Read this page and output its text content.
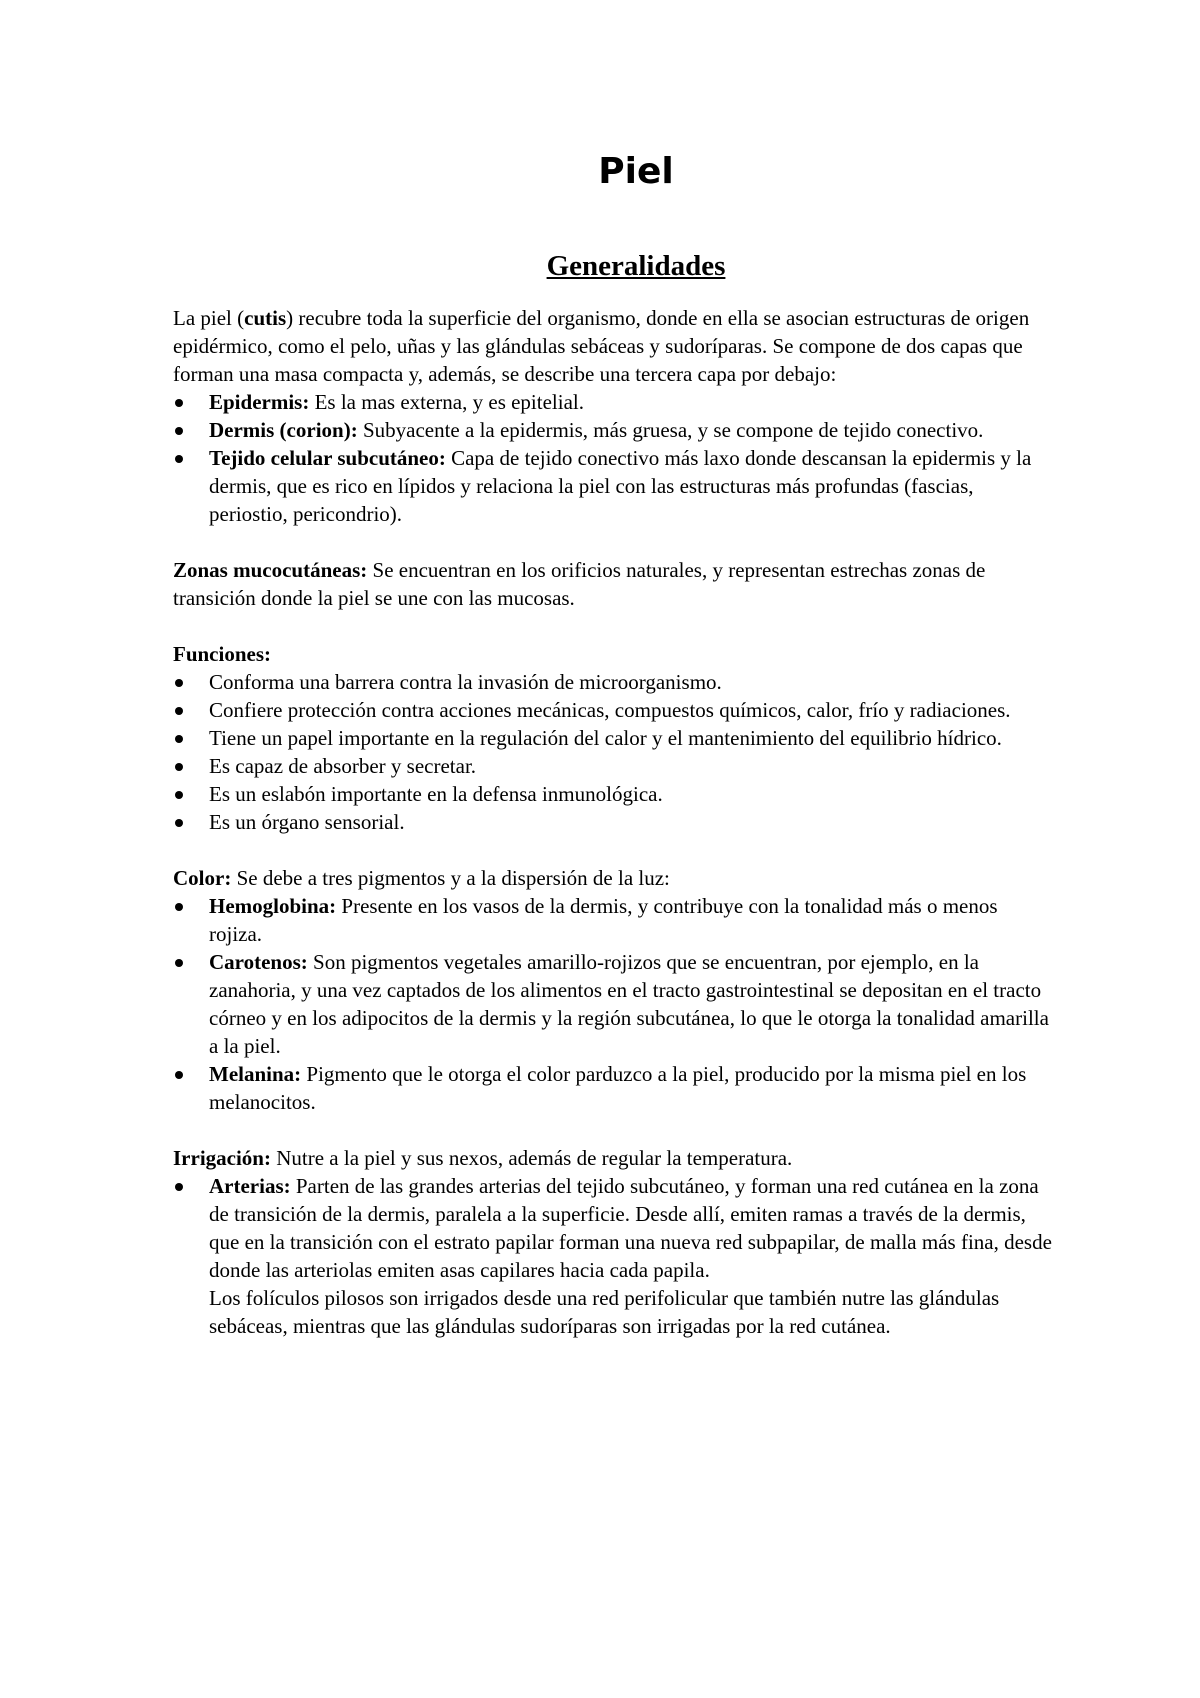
Piel
Generalidades

La piel (cutis) recubre toda la superficie del organismo, donde en ella se asocian estructuras de origen epidérmico, como el pelo, uñas y las glándulas sebáceas y sudoríparas. Se compone de dos capas que forman una masa compacta y, además, se describe una tercera capa por debajo:

Epidermis: Es la mas externa, y es epitelial.
Dermis (corion): Subyacente a la epidermis, más gruesa, y se compone de tejido conectivo.
Tejido celular subcutáneo: Capa de tejido conectivo más laxo donde descansan la epidermis y la dermis, que es rico en lípidos y relaciona la piel con las estructuras más profundas (fascias, periostio, pericondrio).

Zonas mucocutáneas: Se encuentran en los orificios naturales, y representan estrechas zonas de transición donde la piel se une con las mucosas.

Funciones:

Conforma una barrera contra la invasión de microorganismo.
Confiere protección contra acciones mecánicas, compuestos químicos, calor, frío y radiaciones.
Tiene un papel importante en la regulación del calor y el mantenimiento del equilibrio hídrico.
Es capaz de absorber y secretar.
Es un eslabón importante en la defensa inmunológica.
Es un órgano sensorial.

Color: Se debe a tres pigmentos y a la dispersión de la luz:

Hemoglobina: Presente en los vasos de la dermis, y contribuye con la tonalidad más o menos rojiza.
Carotenos: Son pigmentos vegetales amarillo-rojizos que se encuentran, por ejemplo, en la zanahoria, y una vez captados de los alimentos en el tracto gastrointestinal se depositan en el tracto córneo y en los adipocitos de la dermis y la región subcutánea, lo que le otorga la tonalidad amarilla a la piel.
Melanina: Pigmento que le otorga el color parduzco a la piel, producido por la misma piel en los melanocitos.

Irrigación: Nutre a la piel y sus nexos, además de regular la temperatura.

Arterias: Parten de las grandes arterias del tejido subcutáneo, y forman una red cutánea en la zona de transición de la dermis, paralela a la superficie. Desde allí, emiten ramas a través de la dermis, que en la transición con el estrato papilar forman una nueva red subpapilar, de malla más fina, desde donde las arteriolas emiten asas capilares hacia cada papila.
Los folículos pilosos son irrigados desde una red perifolicular que también nutre las glándulas sebáceas, mientras que las glándulas sudoríparas son irrigadas por la red cutánea.
